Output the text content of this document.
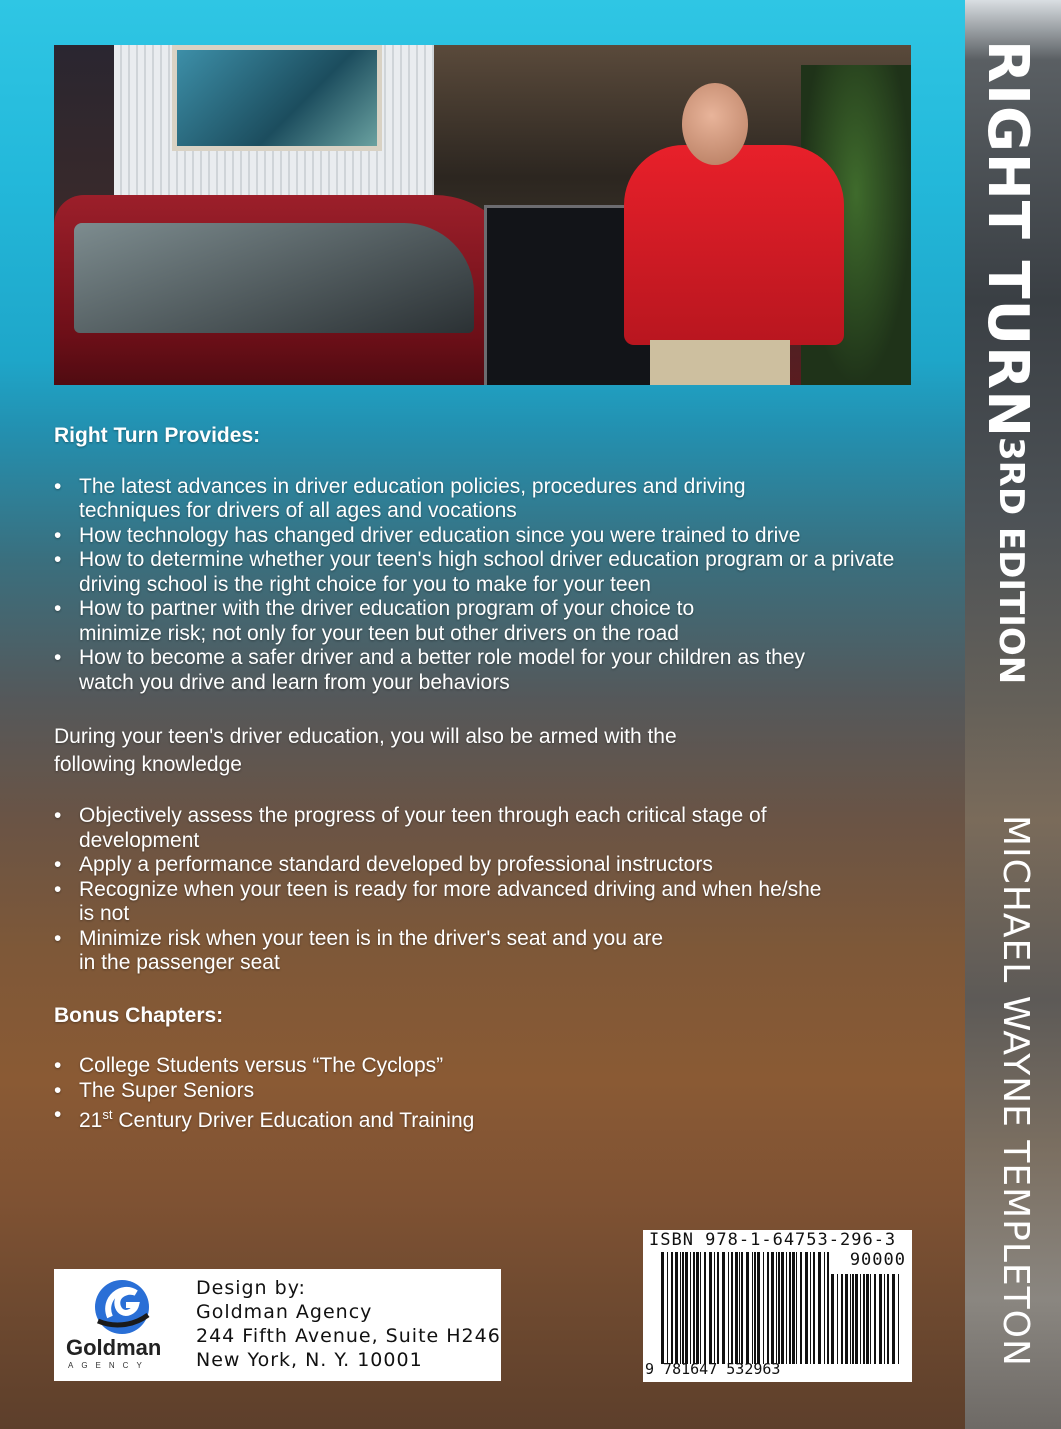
Right Turn Provides:

• The latest advances in driver education policies, procedures and driving techniques for drivers of all ages and vocations
• How technology has changed driver education since you were trained to drive
• How to determine whether your teen's high school driver education program or a private driving school is the right choice for you to make for your teen
• How to partner with the driver education program of your choice to minimize risk; not only for your teen but other drivers on the road
• How to become a safer driver and a better role model for your children as they watch you drive and learn from your behaviors

During your teen's driver education, you will also be armed with the following knowledge

• Objectively assess the progress of your teen through each critical stage of development
• Apply a performance standard developed by professional instructors
• Recognize when your teen is ready for more advanced driving and when he/she is not
• Minimize risk when your teen is in the driver's seat and you are in the passenger seat

Bonus Chapters:

• College Students versus “The Cyclops”
• The Super Seniors
• 21st Century Driver Education and Training
Goldman
AGENCY
Design by:
Goldman Agency
244 Fifth Avenue, Suite H246
New York, N. Y. 10001
ISBN 978-1-64753-296-3
90000
9 781647 532963
RIGHT TURN
3RD EDITION
MICHAEL WAYNE TEMPLETON
